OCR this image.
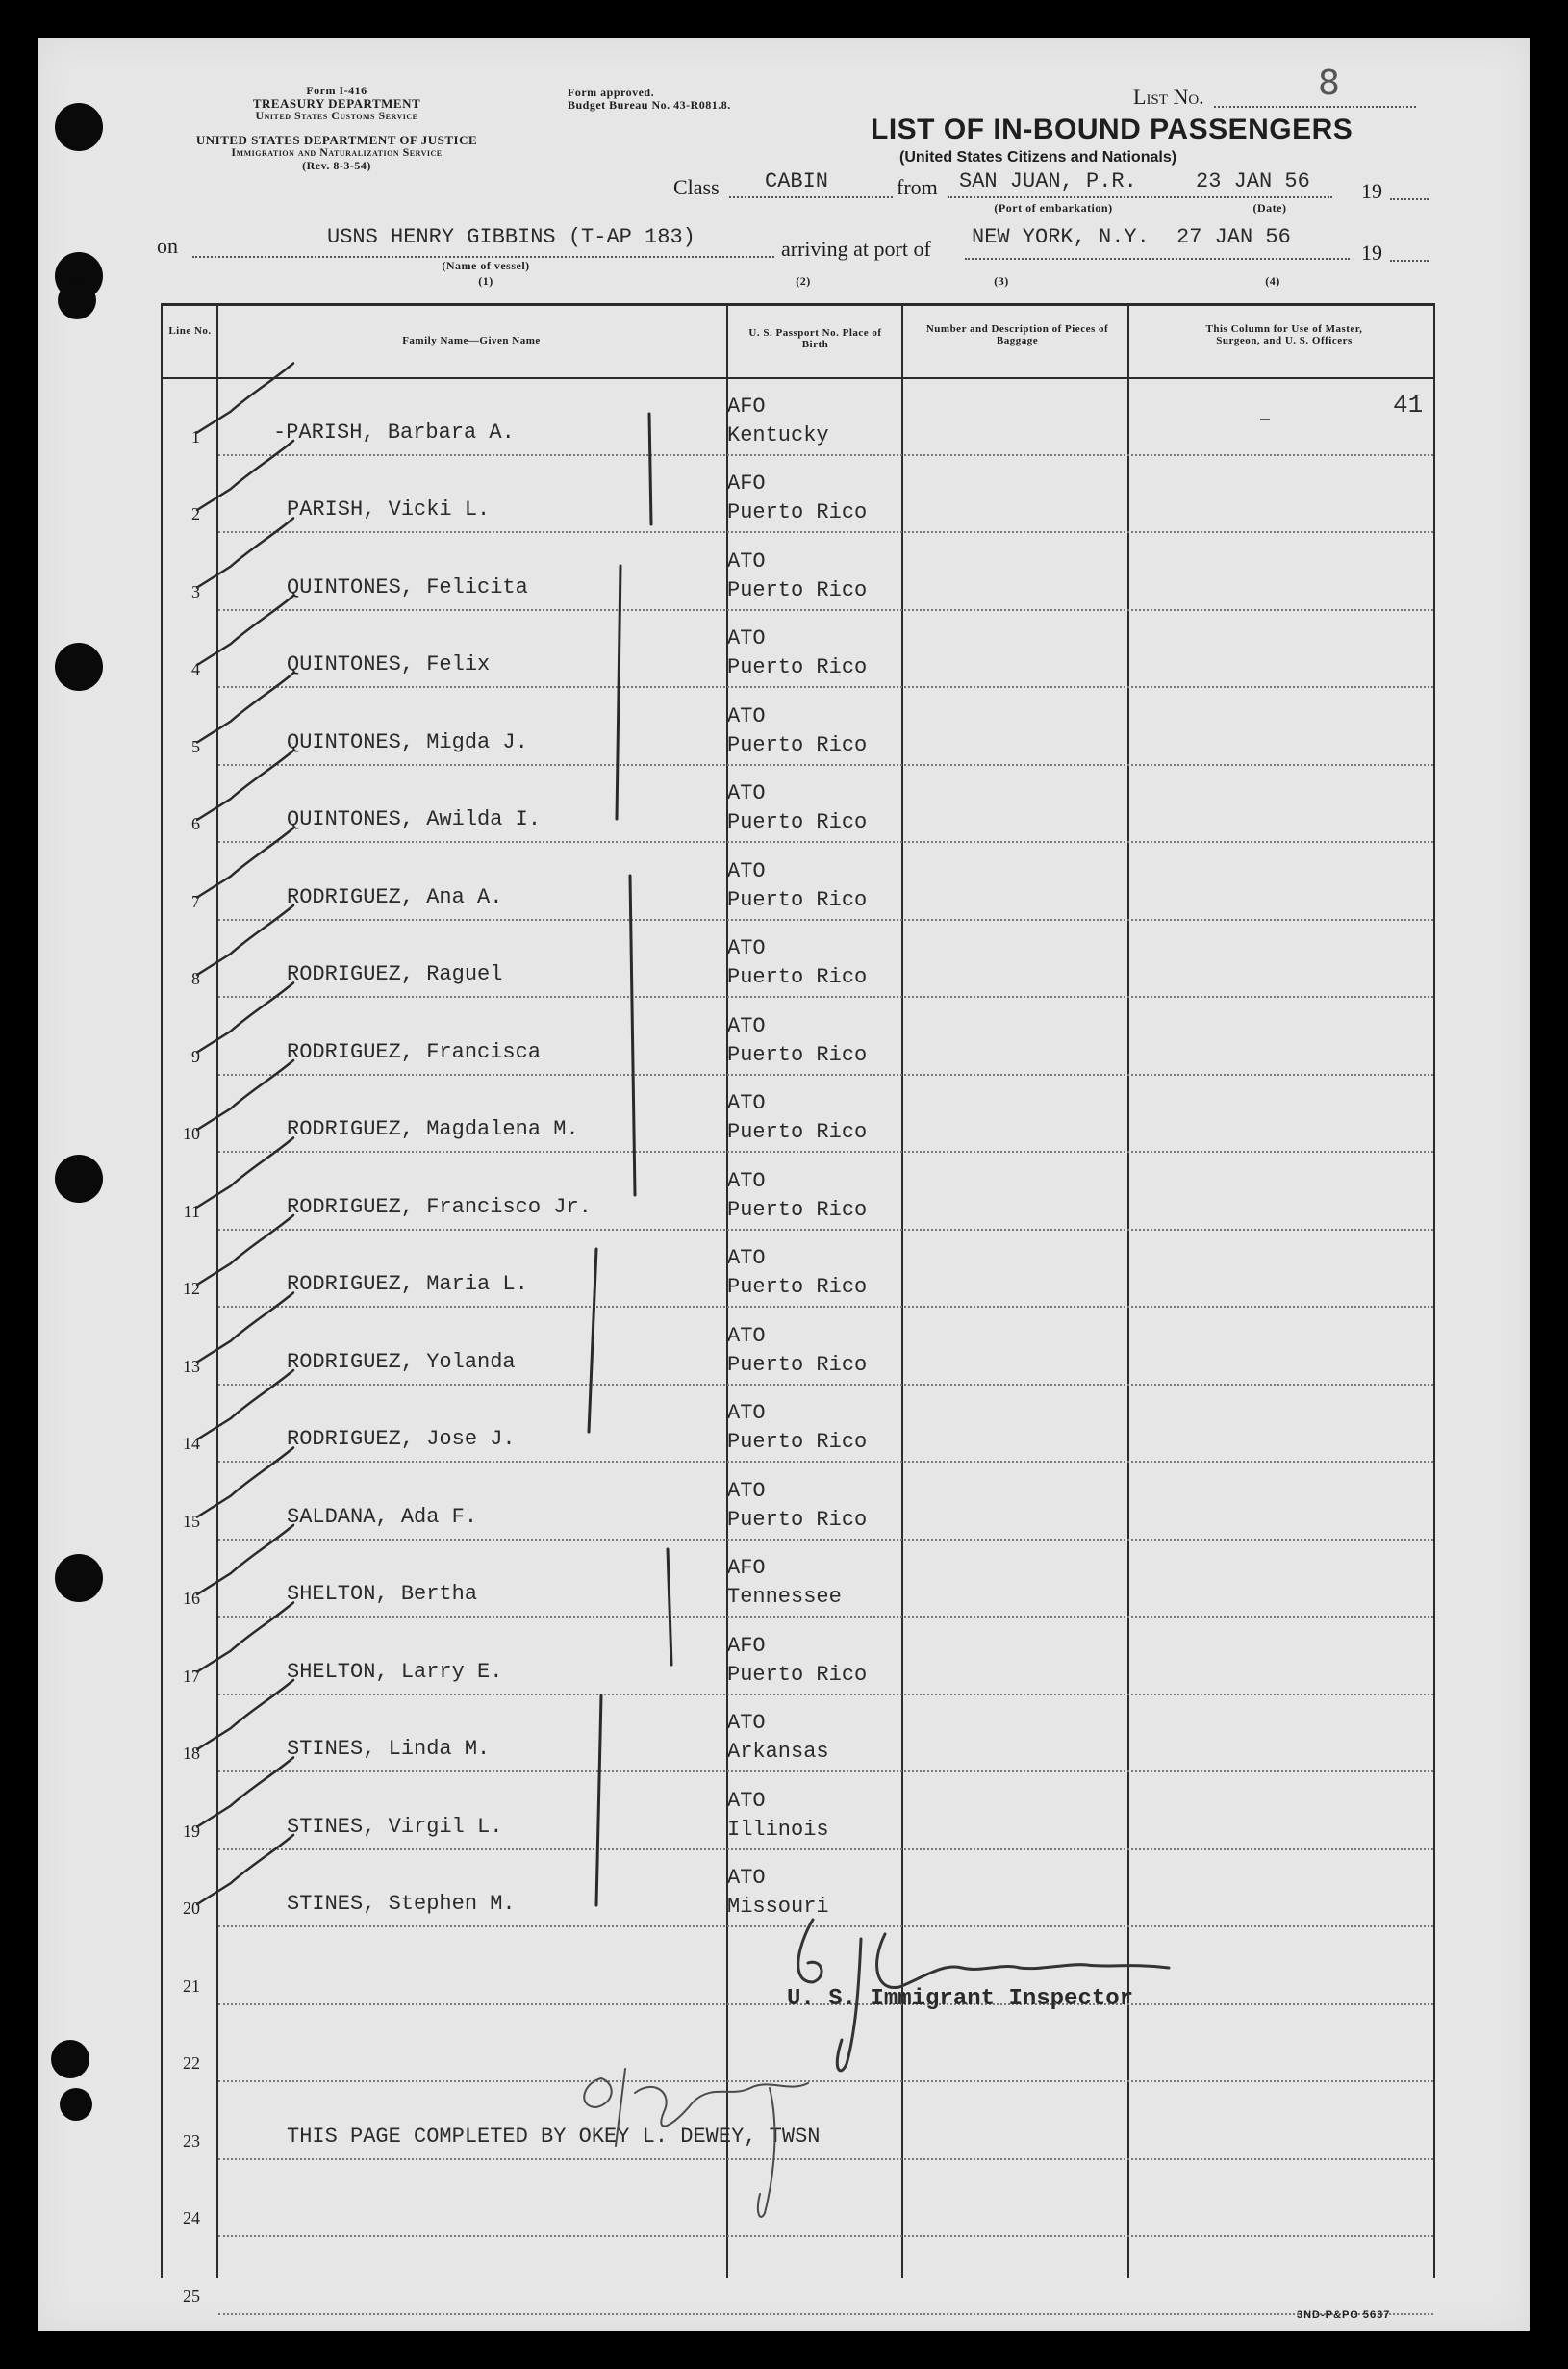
Form I-416
TREASURY DEPARTMENT
United States Customs Service
UNITED STATES DEPARTMENT OF JUSTICE
Immigration and Naturalization Service
(Rev. 8-3-54)
Form approved.
Budget Bureau No. 43-R081.8.	List No.	8
LIST OF IN-BOUND PASSENGERS
(United States Citizens and Nationals)
Class CABIN	from SAN JUAN, P.R.	23 JAN 56 19
(Port of embarkation)	(Date)
on	USNS HENRY GIBBINS (T-AP 183)	arriving at port of NEW YORK, N.Y. 27 JAN 56
19
(Name of vessel)
(1)	(2)	(3)	(4)
Line No.
Family Name—Given Name
U. S. Passport No. Place of Birth
Number and Description of Pieces of Baggage
This Column for Use of Master, Surgeon, and U. S. Officers
41
1	-PARISH, Barbara A.
AFO
Kentucky
2	PARISH, Vicki L.
AFO
Puerto Rico
3	QUINTONES, Felicita
ATO
Puerto Rico
4	QUINTONES, Felix
ATO
Puerto Rico
5	QUINTONES, Migda J.
ATO
Puerto Rico
6	QUINTONES, Awilda I.
ATO
Puerto Rico
7	RODRIGUEZ, Ana A.
ATO
Puerto Rico
8	RODRIGUEZ, Raguel
ATO
Puerto Rico
9	RODRIGUEZ, Francisca
ATO
Puerto Rico
10	RODRIGUEZ, Magdalena M.
ATO
Puerto Rico
11	RODRIGUEZ, Francisco Jr.
ATO
Puerto Rico
12	RODRIGUEZ, Maria L.
ATO
Puerto Rico
13	RODRIGUEZ, Yolanda
ATO
Puerto Rico
14	RODRIGUEZ, Jose J.
ATO
Puerto Rico
15	SALDANA, Ada F.
ATO
Puerto Rico
16	SHELTON, Bertha
AFO
Tennessee
17	SHELTON, Larry E.
AFO
Puerto Rico
18	STINES, Linda M.
ATO
Arkansas
19	STINES, Virgil L.
ATO
Illinois
20	STINES, Stephen M.
ATO
Missouri
21
22
23	THIS PAGE COMPLETED BY OKEY L. DEWEY, TWSN
24
25
U. S. Immigrant Inspector
3ND-P&PO 5637
